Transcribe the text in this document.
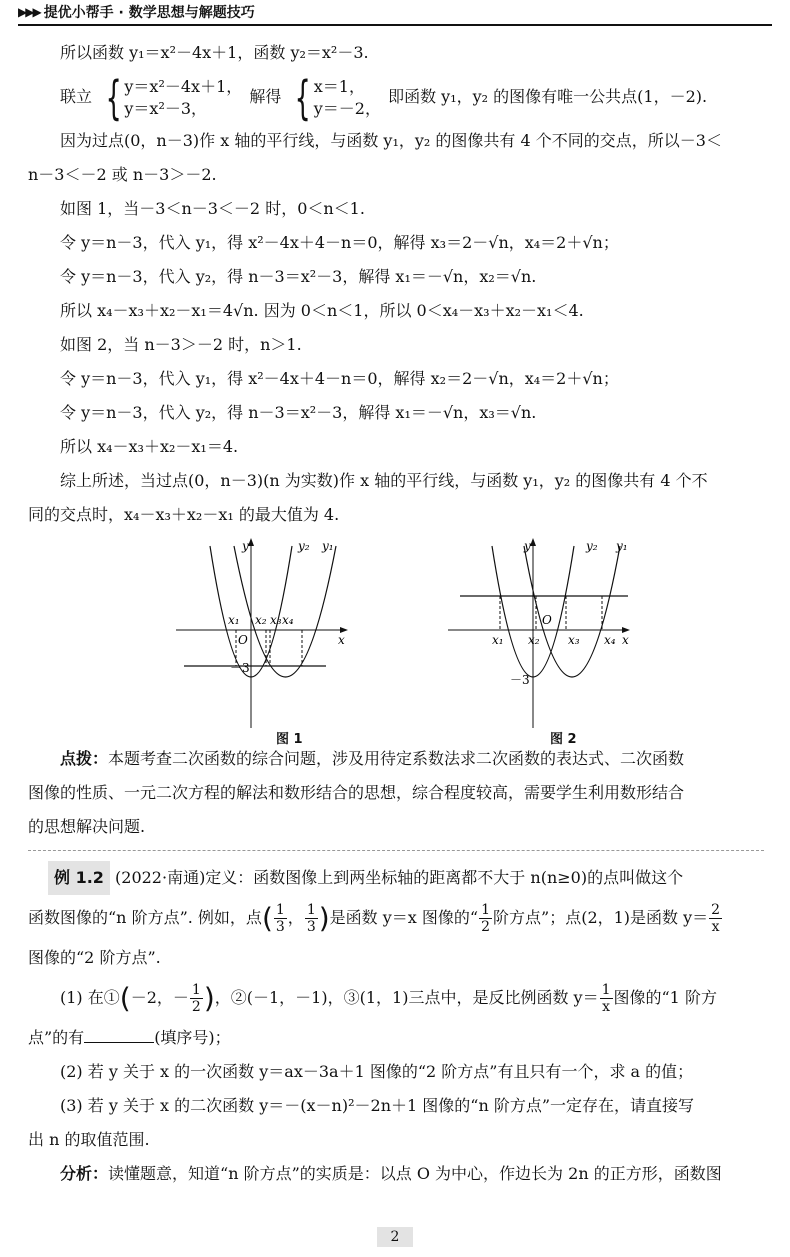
▶▶▶ 提优小帮手 · 数学思想与解题技巧
所以函数 y₁＝x²－4x＋1，函数 y₂＝x²－3.
联立 { y＝x²－4x＋1，
y＝x²－3，
解得 { x＝1，
y＝－2，
即函数 y₁，y₂ 的图像有唯一公共点(1，－2).
因为过点(0，n－3)作 x 轴的平行线，与函数 y₁，y₂ 的图像共有 4 个不同的交点，所以－3＜
n－3＜－2 或 n－3＞－2.
如图 1，当－3＜n－3＜－2 时，0＜n＜1.
令 y＝n－3，代入 y₁，得 x²－4x＋4－n＝0，解得 x₃＝2－√n，x₄＝2＋√n；
令 y＝n－3，代入 y₂，得 n－3＝x²－3，解得 x₁＝－√n，x₂＝√n.
所以 x₄－x₃＋x₂－x₁＝4√n. 因为 0＜n＜1，所以 0＜x₄－x₃＋x₂－x₁＜4.
如图 2，当 n－3＞－2 时，n＞1.
令 y＝n－3，代入 y₁，得 x²－4x＋4－n＝0，解得 x₂＝2－√n，x₄＝2＋√n；
令 y＝n－3，代入 y₂，得 n－3＝x²－3，解得 x₁＝－√n，x₃＝√n.
所以 x₄－x₃＋x₂－x₁＝4.
综上所述，当过点(0，n－3)(n 为实数)作 x 轴的平行线，与函数 y₁，y₂ 的图像共有 4 个不
同的交点时，x₄－x₃＋x₂－x₁ 的最大值为 4.
y
x
O
y₂ y₁
－3
x₁ x₂ x₃ x₄
图 1
y
x
O
y₂ y₁
－3
x₁ x₂ x₃ x₄
图 2
点拨：本题考查二次函数的综合问题，涉及用待定系数法求二次函数的表达式、二次函数
图像的性质、一元二次方程的解法和数形结合的思想，综合程度较高，需要学生利用数形结合
的思想解决问题.
例 1.2 (2022·南通)定义：函数图像上到两坐标轴的距离都不大于 n(n≥0)的点叫做这个
函数图像的“n 阶方点”. 例如，点( $\frac{1}{3}$ ， $\frac{1}{3}$ )是函数 y＝x 图像的“ $\frac{1}{2}$ 阶方点”；点(2，1)是函数 $y= \frac{2}{x}$
图像的“2 阶方点”.
(1) 在①(－2，－ $\frac{1}{2}$ )，②(－1，－1)，③(1，1)三点中，是反比例函数 $y= \frac{1}{x}$ 图像的“1 阶方
点”的有	(填序号)；
(2) 若 y 关于 x 的一次函数 y＝ax－3a＋1 图像的“2 阶方点”有且只有一个，求 a 的值；
(3) 若 y 关于 x 的二次函数 y＝－(x－n)²－2n＋1 图像的“n 阶方点”一定存在，请直接写
出 n 的取值范围.
分析：读懂题意，知道“n 阶方点”的实质是：以点 O 为中心，作边长为 2n 的正方形，函数图
2
